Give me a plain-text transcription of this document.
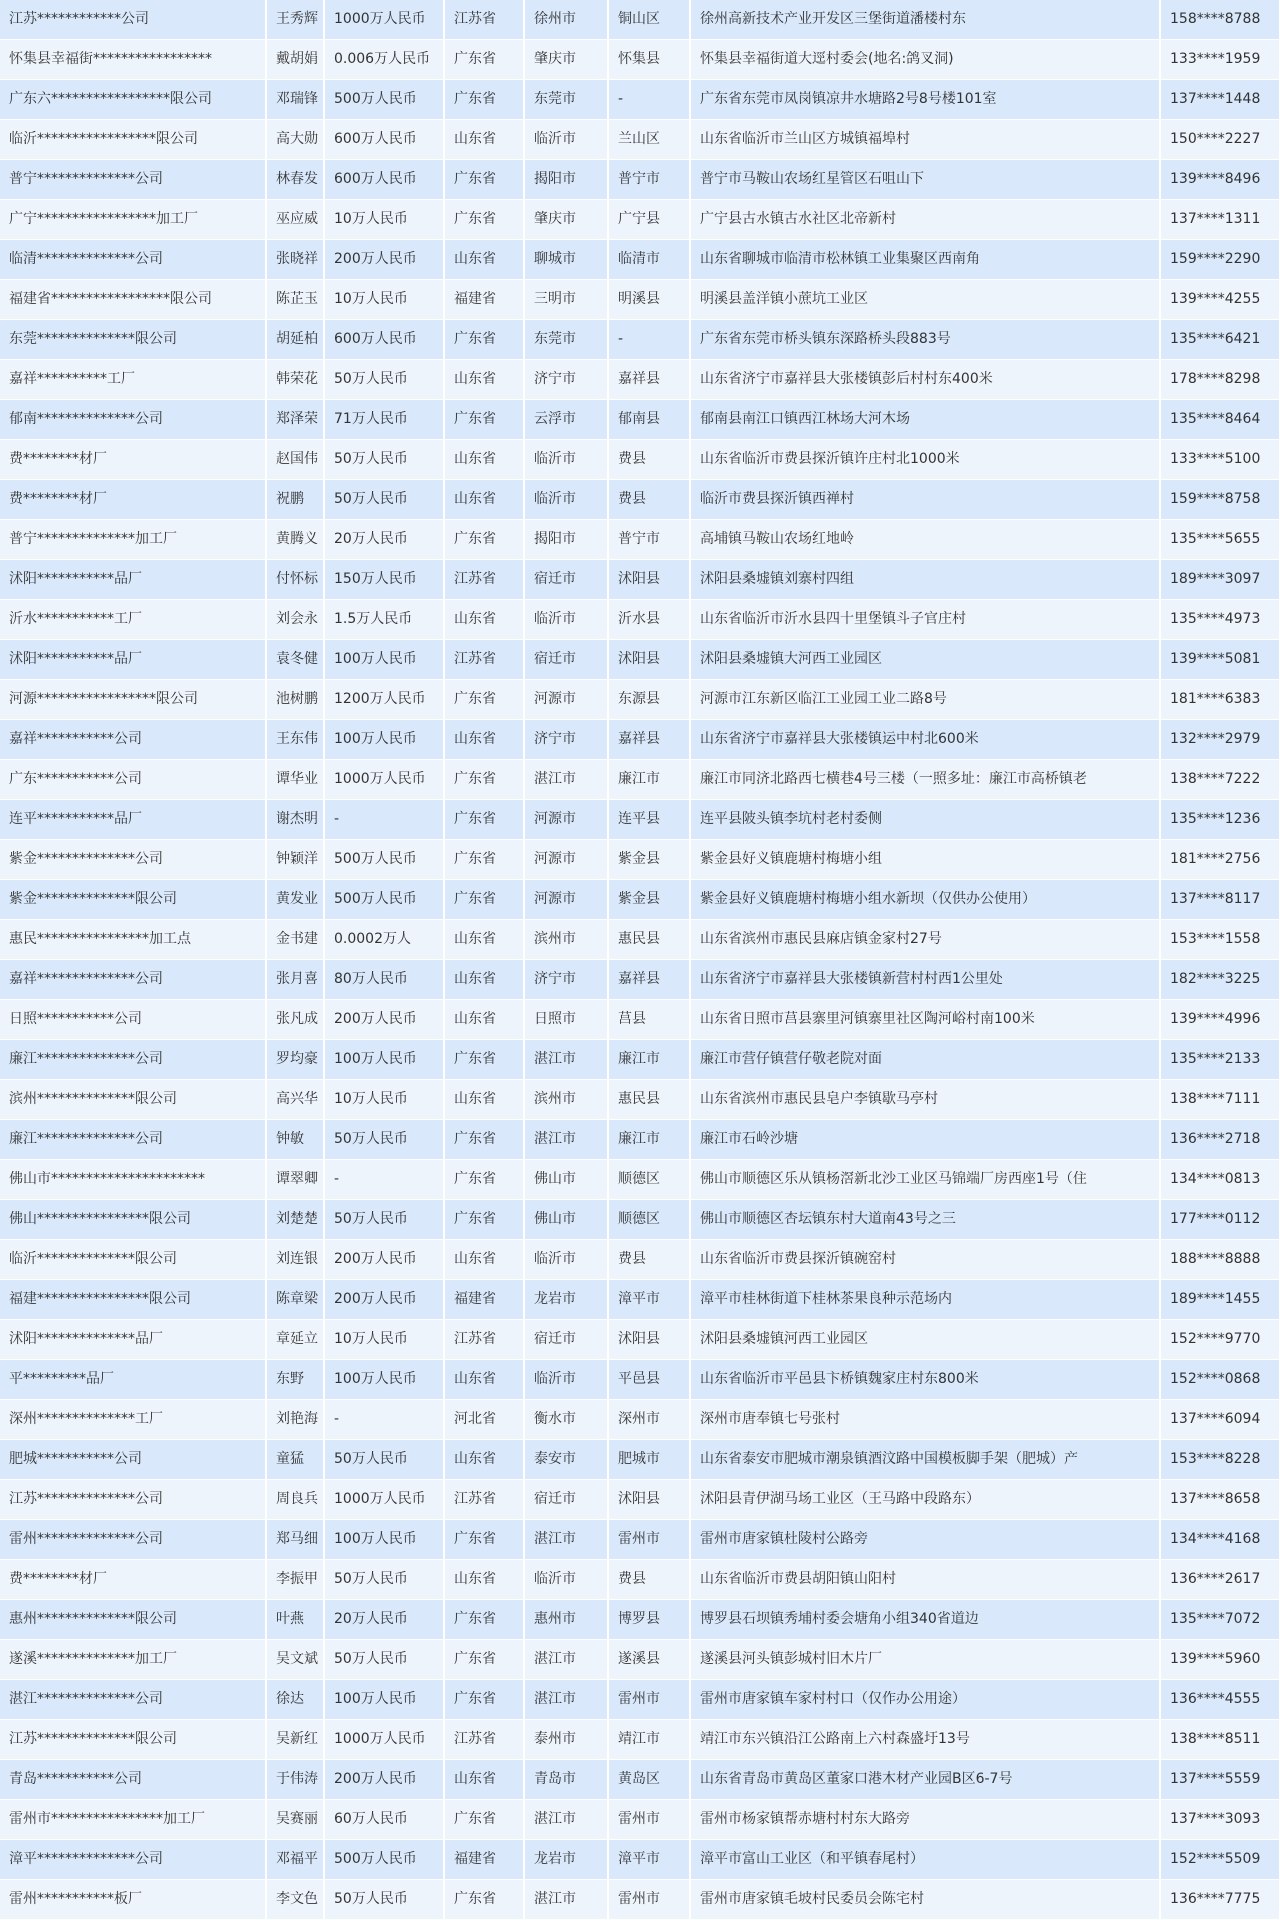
江苏************公司	王秀辉	1000万人民币	江苏省	徐州市	铜山区	徐州高新技术产业开发区三堡街道潘楼村东	158****8788
怀集县幸福街*****************	戴胡娟	0.006万人民币	广东省	肇庆市	怀集县	怀集县幸福街道大逕村委会(地名:鸽叉洞)	133****1959
广东六*****************限公司	邓瑞锋	500万人民币	广东省	东莞市	-	广东省东莞市凤岗镇凉井水塘路2号8号楼101室	137****1448
临沂*****************限公司	高大勋	600万人民币	山东省	临沂市	兰山区	山东省临沂市兰山区方城镇福埠村	150****2227
普宁**************公司	林春发	600万人民币	广东省	揭阳市	普宁市	普宁市马鞍山农场红星管区石咀山下	139****8496
广宁*****************加工厂	巫应威	10万人民币	广东省	肇庆市	广宁县	广宁县古水镇古水社区北帝新村	137****1311
临清**************公司	张晓祥	200万人民币	山东省	聊城市	临清市	山东省聊城市临清市松林镇工业集聚区西南角	159****2290
福建省*****************限公司	陈芷玉	10万人民币	福建省	三明市	明溪县	明溪县盖洋镇小蔗坑工业区	139****4255
东莞**************限公司	胡延柏	600万人民币	广东省	东莞市	-	广东省东莞市桥头镇东深路桥头段883号	135****6421
嘉祥**********工厂	韩荣花	50万人民币	山东省	济宁市	嘉祥县	山东省济宁市嘉祥县大张楼镇彭后村村东400米	178****8298
郁南**************公司	郑泽荣	71万人民币	广东省	云浮市	郁南县	郁南县南江口镇西江林场大河木场	135****8464
费********材厂	赵国伟	50万人民币	山东省	临沂市	费县	山东省临沂市费县探沂镇许庄村北1000米	133****5100
费********材厂	祝鹏	50万人民币	山东省	临沂市	费县	临沂市费县探沂镇西禅村	159****8758
普宁**************加工厂	黄腾义	20万人民币	广东省	揭阳市	普宁市	高埔镇马鞍山农场红地岭	135****5655
沭阳***********品厂	付怀标	150万人民币	江苏省	宿迁市	沭阳县	沭阳县桑墟镇刘寨村四组	189****3097
沂水***********工厂	刘会永	1.5万人民币	山东省	临沂市	沂水县	山东省临沂市沂水县四十里堡镇斗子官庄村	135****4973
沭阳***********品厂	袁冬健	100万人民币	江苏省	宿迁市	沭阳县	沭阳县桑墟镇大河西工业园区	139****5081
河源*****************限公司	池树鹏	1200万人民币	广东省	河源市	东源县	河源市江东新区临江工业园工业二路8号	181****6383
嘉祥***********公司	王东伟	100万人民币	山东省	济宁市	嘉祥县	山东省济宁市嘉祥县大张楼镇运中村北600米	132****2979
广东***********公司	谭华业	1000万人民币	广东省	湛江市	廉江市	廉江市同济北路西七横巷4号三楼（一照多址：廉江市高桥镇老	138****7222
连平***********品厂	谢杰明	-	广东省	河源市	连平县	连平县陂头镇李坑村老村委侧	135****1236
紫金**************公司	钟颖洋	500万人民币	广东省	河源市	紫金县	紫金县好义镇鹿塘村梅塘小组	181****2756
紫金**************限公司	黄发业	500万人民币	广东省	河源市	紫金县	紫金县好义镇鹿塘村梅塘小组水新坝（仅供办公使用）	137****8117
惠民****************加工点	金书建	0.0002万人	山东省	滨州市	惠民县	山东省滨州市惠民县麻店镇金家村27号	153****1558
嘉祥**************公司	张月喜	80万人民币	山东省	济宁市	嘉祥县	山东省济宁市嘉祥县大张楼镇新营村村西1公里处	182****3225
日照***********公司	张凡成	200万人民币	山东省	日照市	莒县	山东省日照市莒县寨里河镇寨里社区陶河峪村南100米	139****4996
廉江**************公司	罗均豪	100万人民币	广东省	湛江市	廉江市	廉江市营仔镇营仔敬老院对面	135****2133
滨州**************限公司	高兴华	10万人民币	山东省	滨州市	惠民县	山东省滨州市惠民县皂户李镇歇马亭村	138****7111
廉江**************公司	钟敏	50万人民币	广东省	湛江市	廉江市	廉江市石岭沙塘	136****2718
佛山市**********************	谭翠卿	-	广东省	佛山市	顺德区	佛山市顺德区乐从镇杨滘新北沙工业区马锦端厂房西座1号（住	134****0813
佛山****************限公司	刘楚楚	50万人民币	广东省	佛山市	顺德区	佛山市顺德区杏坛镇东村大道南43号之三	177****0112
临沂**************限公司	刘连银	200万人民币	山东省	临沂市	费县	山东省临沂市费县探沂镇碗窑村	188****8888
福建****************限公司	陈章梁	200万人民币	福建省	龙岩市	漳平市	漳平市桂林街道下桂林茶果良种示范场内	189****1455
沭阳**************品厂	章延立	10万人民币	江苏省	宿迁市	沭阳县	沭阳县桑墟镇河西工业园区	152****9770
平*********品厂	东野	100万人民币	山东省	临沂市	平邑县	山东省临沂市平邑县卞桥镇魏家庄村东800米	152****0868
深州**************工厂	刘艳海	-	河北省	衡水市	深州市	深州市唐奉镇七号张村	137****6094
肥城***********公司	童猛	50万人民币	山东省	泰安市	肥城市	山东省泰安市肥城市潮泉镇酒汶路中国模板脚手架（肥城）产	153****8228
江苏**************公司	周良兵	1000万人民币	江苏省	宿迁市	沭阳县	沭阳县青伊湖马场工业区（王马路中段路东）	137****8658
雷州**************公司	郑马细	100万人民币	广东省	湛江市	雷州市	雷州市唐家镇杜陵村公路旁	134****4168
费********材厂	李振甲	50万人民币	山东省	临沂市	费县	山东省临沂市费县胡阳镇山阳村	136****2617
惠州**************限公司	叶燕	20万人民币	广东省	惠州市	博罗县	博罗县石坝镇秀埔村委会塘角小组340省道边	135****7072
遂溪**************加工厂	吴文斌	50万人民币	广东省	湛江市	遂溪县	遂溪县河头镇彭城村旧木片厂	139****5960
湛江**************公司	徐达	100万人民币	广东省	湛江市	雷州市	雷州市唐家镇车家村村口（仅作办公用途）	136****4555
江苏**************限公司	吴新红	1000万人民币	江苏省	泰州市	靖江市	靖江市东兴镇沿江公路南上六村森盛圩13号	138****8511
青岛***********公司	于伟涛	200万人民币	山东省	青岛市	黄岛区	山东省青岛市黄岛区董家口港木材产业园B区6-7号	137****5559
雷州市****************加工厂	吴赛丽	60万人民币	广东省	湛江市	雷州市	雷州市杨家镇帮赤塘村村东大路旁	137****3093
漳平**************公司	邓福平	500万人民币	福建省	龙岩市	漳平市	漳平市富山工业区（和平镇春尾村）	152****5509
雷州***********板厂	李文色	50万人民币	广东省	湛江市	雷州市	雷州市唐家镇毛坡村民委员会陈宅村	136****7775
